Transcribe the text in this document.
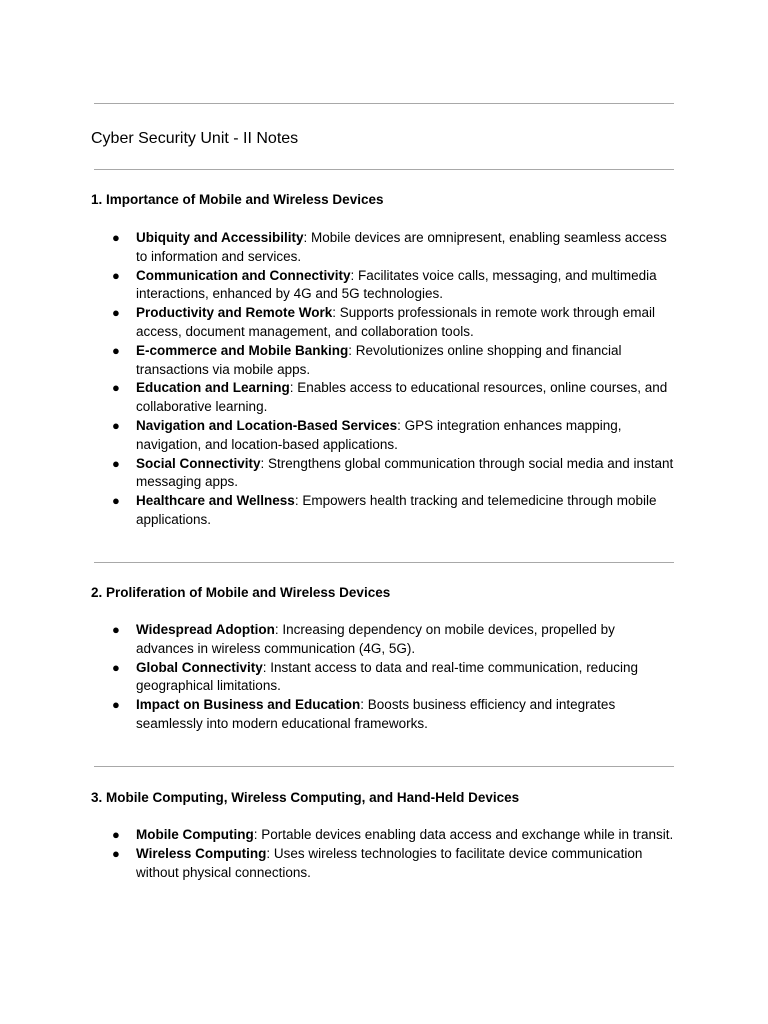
Cyber Security Unit - II Notes
1. Importance of Mobile and Wireless Devices
● Ubiquity and Accessibility: Mobile devices are omnipresent, enabling seamless access to information and services.
● Communication and Connectivity: Facilitates voice calls, messaging, and multimedia interactions, enhanced by 4G and 5G technologies.
● Productivity and Remote Work: Supports professionals in remote work through email access, document management, and collaboration tools.
● E-commerce and Mobile Banking: Revolutionizes online shopping and financial transactions via mobile apps.
● Education and Learning: Enables access to educational resources, online courses, and collaborative learning.
● Navigation and Location-Based Services: GPS integration enhances mapping, navigation, and location-based applications.
● Social Connectivity: Strengthens global communication through social media and instant messaging apps.
● Healthcare and Wellness: Empowers health tracking and telemedicine through mobile applications.
2. Proliferation of Mobile and Wireless Devices
● Widespread Adoption: Increasing dependency on mobile devices, propelled by advances in wireless communication (4G, 5G).
● Global Connectivity: Instant access to data and real-time communication, reducing geographical limitations.
● Impact on Business and Education: Boosts business efficiency and integrates seamlessly into modern educational frameworks.
3. Mobile Computing, Wireless Computing, and Hand-Held Devices
● Mobile Computing: Portable devices enabling data access and exchange while in transit.
● Wireless Computing: Uses wireless technologies to facilitate device communication without physical connections.
